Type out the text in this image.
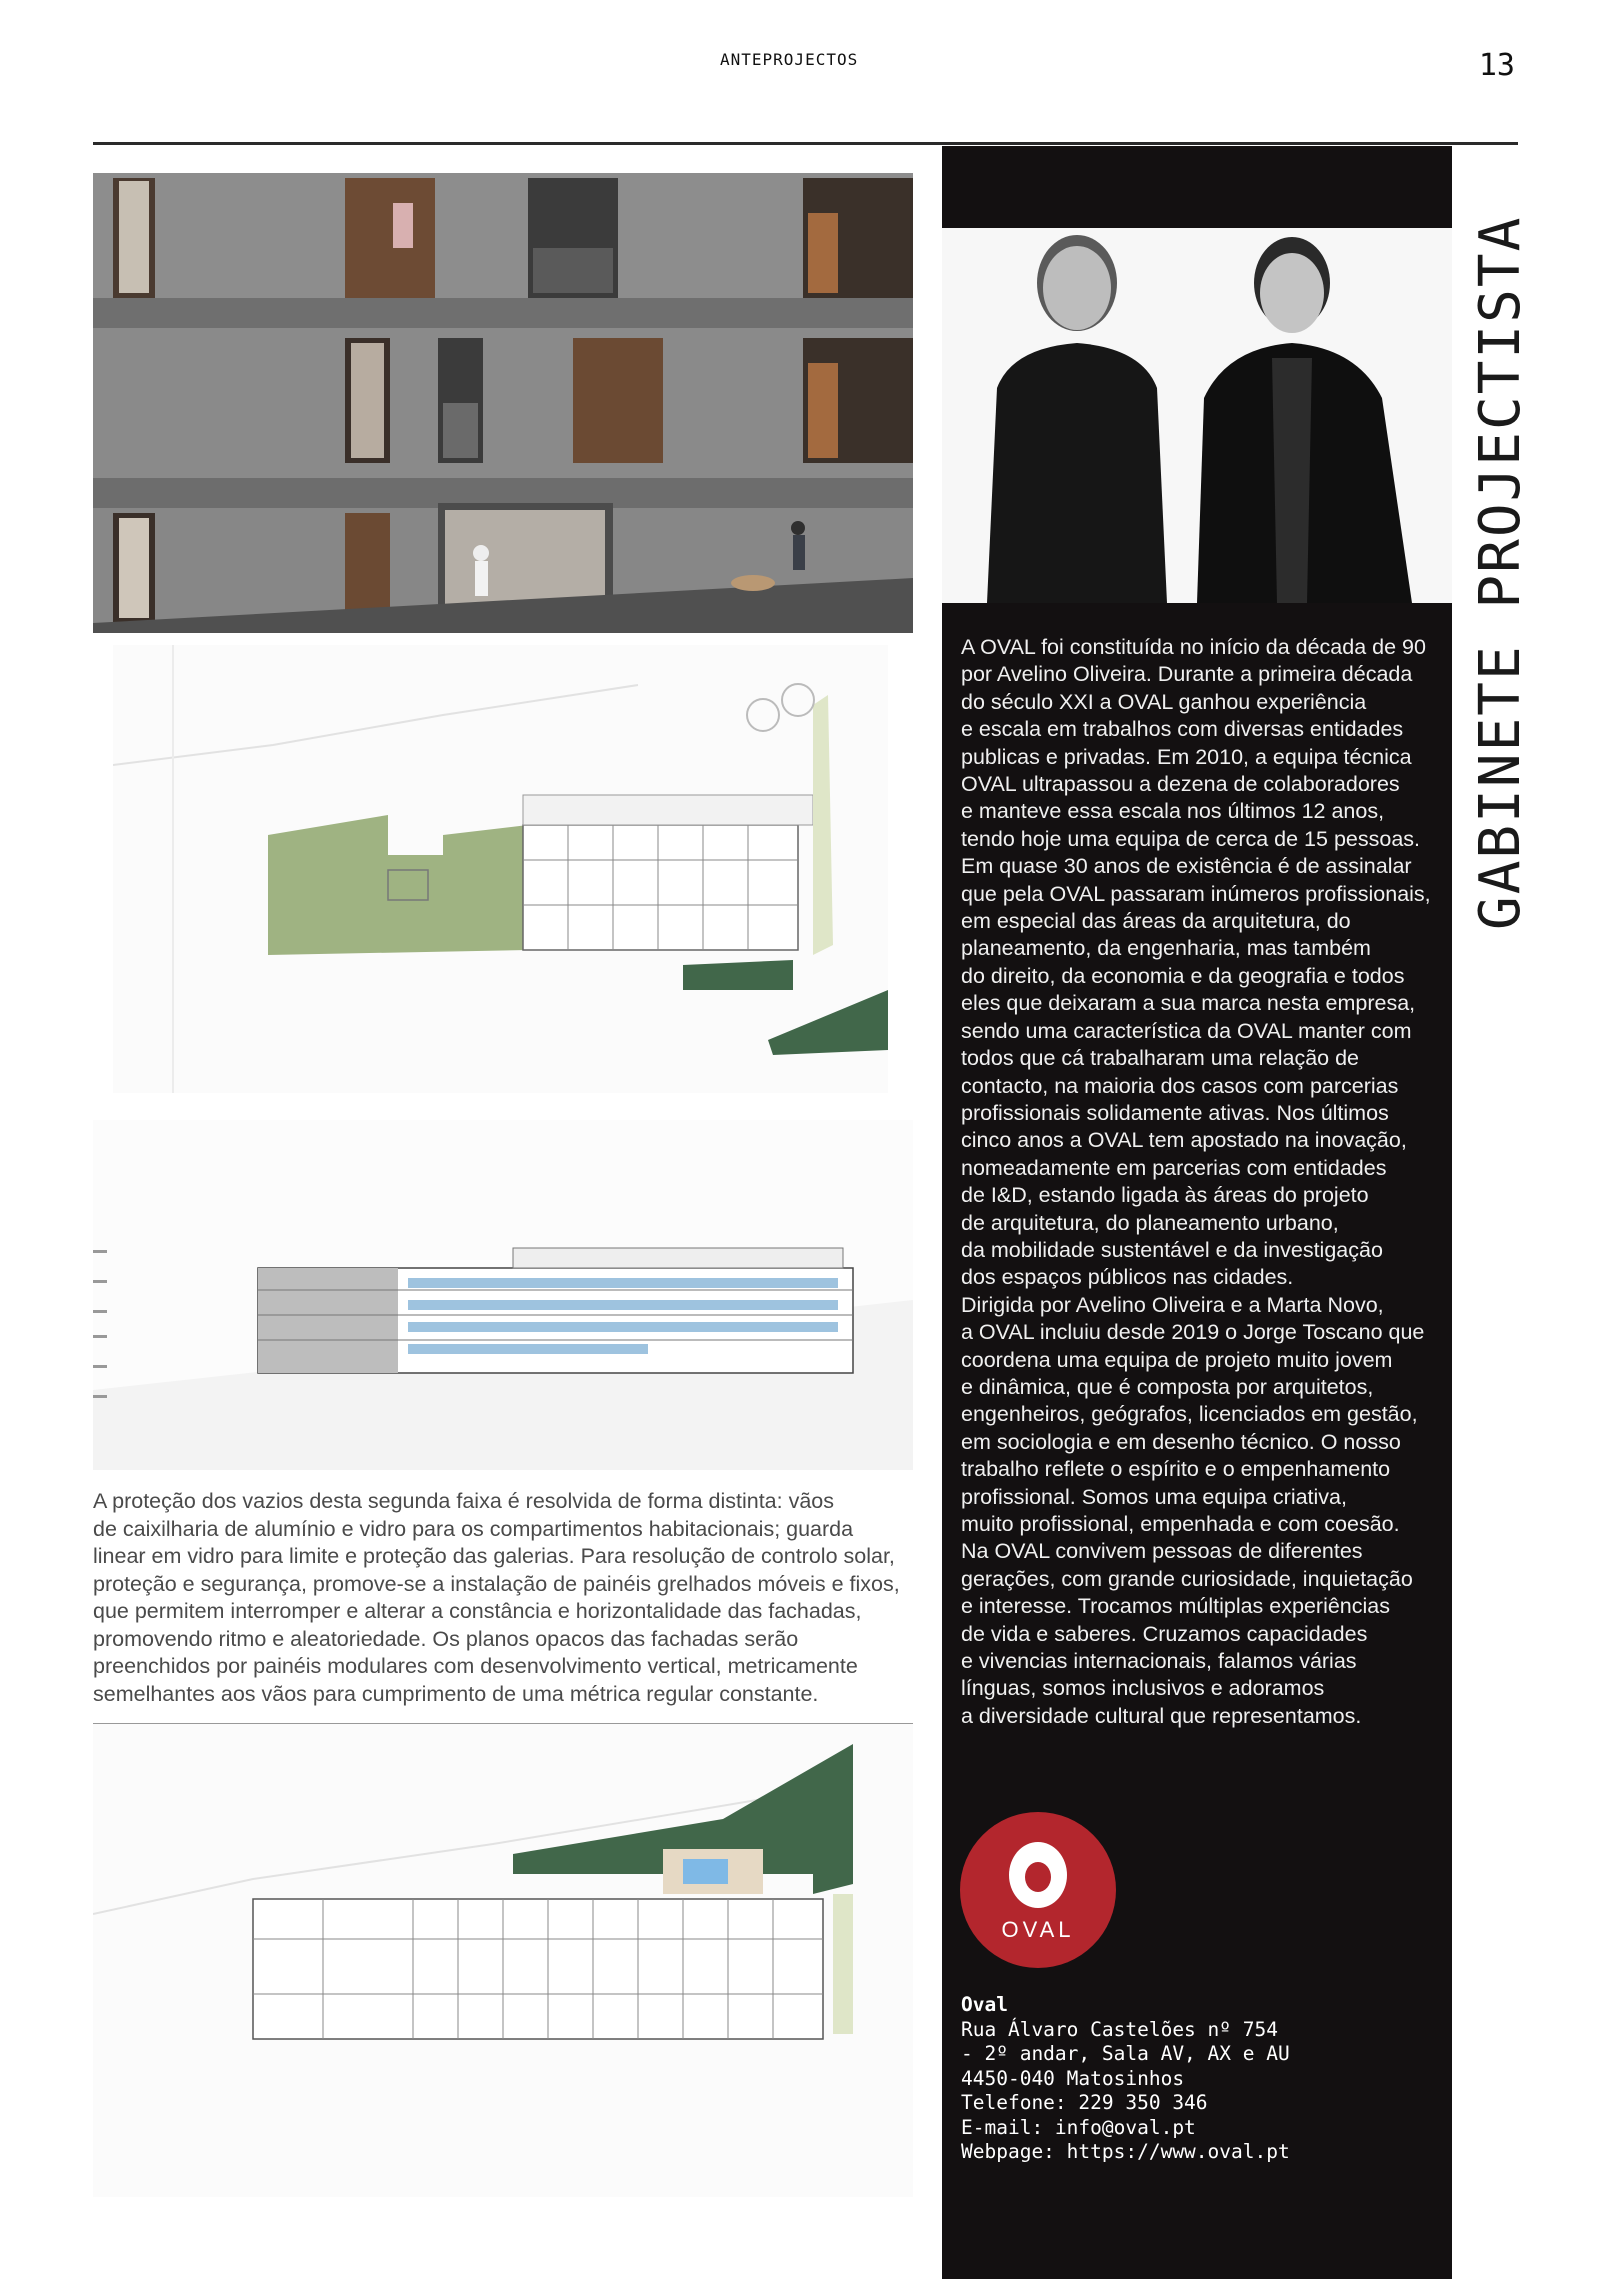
ANTEPROJECTOS	13

A proteção dos vazios desta segunda faixa é resolvida de forma distinta: vãos
de caixilharia de alumínio e vidro para os compartimentos habitacionais; guarda
linear em vidro para limite e proteção das galerias. Para resolução de controlo solar,
proteção e segurança, promove-se a instalação de painéis grelhados móveis e fixos,
que permitem interromper e alterar a constância e horizontalidade das fachadas,
promovendo ritmo e aleatoriedade. Os planos opacos das fachadas serão
preenchidos por painéis modulares com desenvolvimento vertical, metricamente
semelhantes aos vãos para cumprimento de uma métrica regular constante.

A OVAL foi constituída no início da década de 90
por Avelino Oliveira. Durante a primeira década
do século XXI a OVAL ganhou experiência
e escala em trabalhos com diversas entidades
publicas e privadas. Em 2010, a equipa técnica
OVAL ultrapassou a dezena de colaboradores
e manteve essa escala nos últimos 12 anos,
tendo hoje uma equipa de cerca de 15 pessoas.
Em quase 30 anos de existência é de assinalar
que pela OVAL passaram inúmeros profissionais,
em especial das áreas da arquitetura, do
planeamento, da engenharia, mas também
do direito, da economia e da geografia e todos
eles que deixaram a sua marca nesta empresa,
sendo uma característica da OVAL manter com
todos que cá trabalharam uma relação de
contacto, na maioria dos casos com parcerias
profissionais solidamente ativas. Nos últimos
cinco anos a OVAL tem apostado na inovação,
nomeadamente em parcerias com entidades
de I&D, estando ligada às áreas do projeto
de arquitetura, do planeamento urbano,
da mobilidade sustentável e da investigação
dos espaços públicos nas cidades.

Dirigida por Avelino Oliveira e a Marta Novo,
a OVAL incluiu desde 2019 o Jorge Toscano que
coordena uma equipa de projeto muito jovem
e dinâmica, que é composta por arquitetos,
engenheiros, geógrafos, licenciados em gestão,
em sociologia e em desenho técnico. O nosso
trabalho reflete o espírito e o empenhamento
profissional. Somos uma equipa criativa,
muito profissional, empenhada e com coesão.
Na OVAL convivem pessoas de diferentes
gerações, com grande curiosidade, inquietação
e interesse. Trocamos múltiplas experiências
de vida e saberes. Cruzamos capacidades
e vivencias internacionais, falamos várias
línguas, somos inclusivos e adoramos
a diversidade cultural que representamos.

GABINETE PROJECTISTA
OVAL
Oval
Rua Álvaro Castelões nº 754
- 2º andar, Sala AV, AX e AU
4450-040 Matosinhos
Telefone: 229 350 346
E-mail: info@oval.pt
Webpage: https://www.oval.pt
